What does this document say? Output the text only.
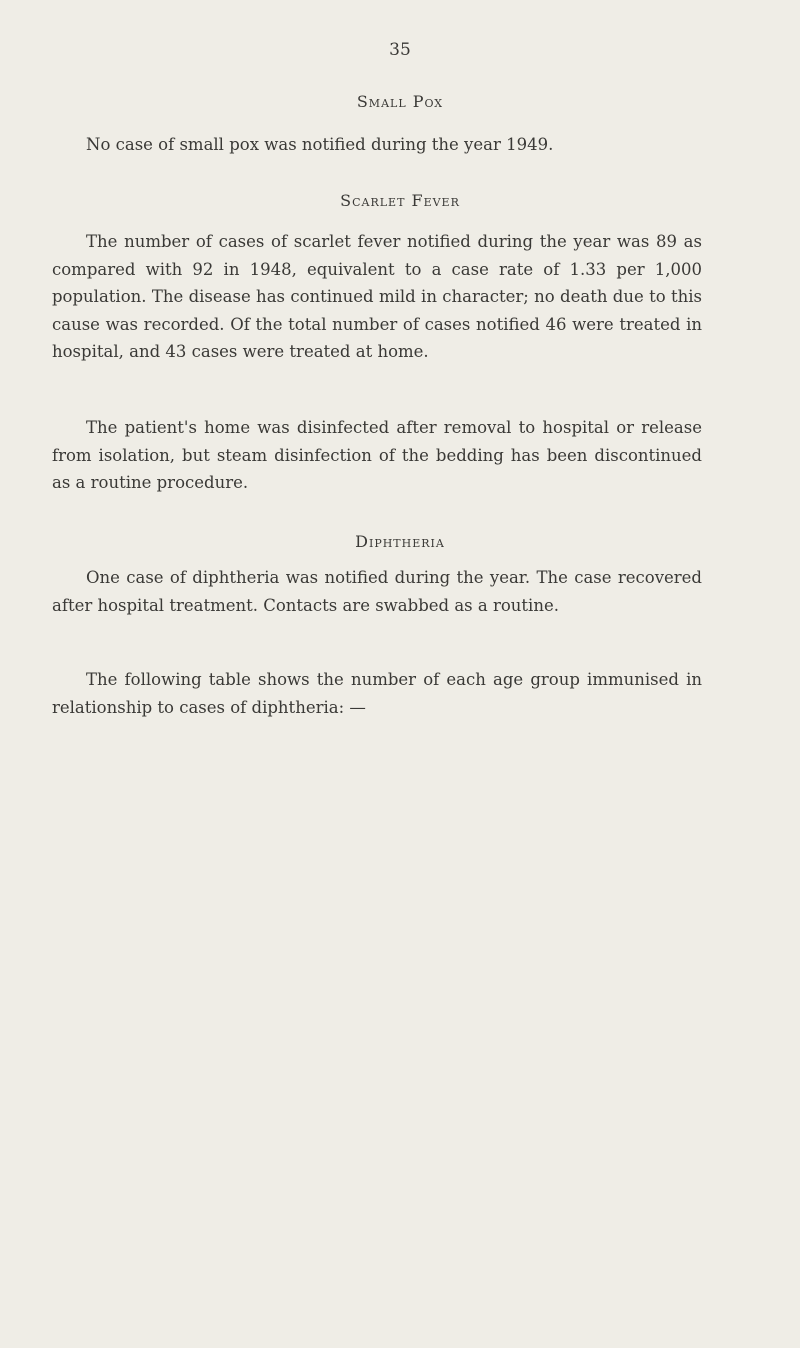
35
Small Pox

No case of small pox was notified during the year 1949.

Scarlet Fever

The number of cases of scarlet fever notified during the year was 89 as compared with 92 in 1948, equivalent to a case rate of 1.33 per 1,000 population. The disease has continued mild in character; no death due to this cause was recorded. Of the total number of cases notified 46 were treated in hospital, and 43 cases were treated at home.

The patient's home was disinfected after removal to hospital or release from isolation, but steam disinfection of the bedding has been discontinued as a routine procedure.

Diphtheria

One case of diphtheria was notified during the year. The case recovered after hospital treatment. Contacts are swabbed as a routine.

The following table shows the number of each age group immunised in relationship to cases of diphtheria: —
